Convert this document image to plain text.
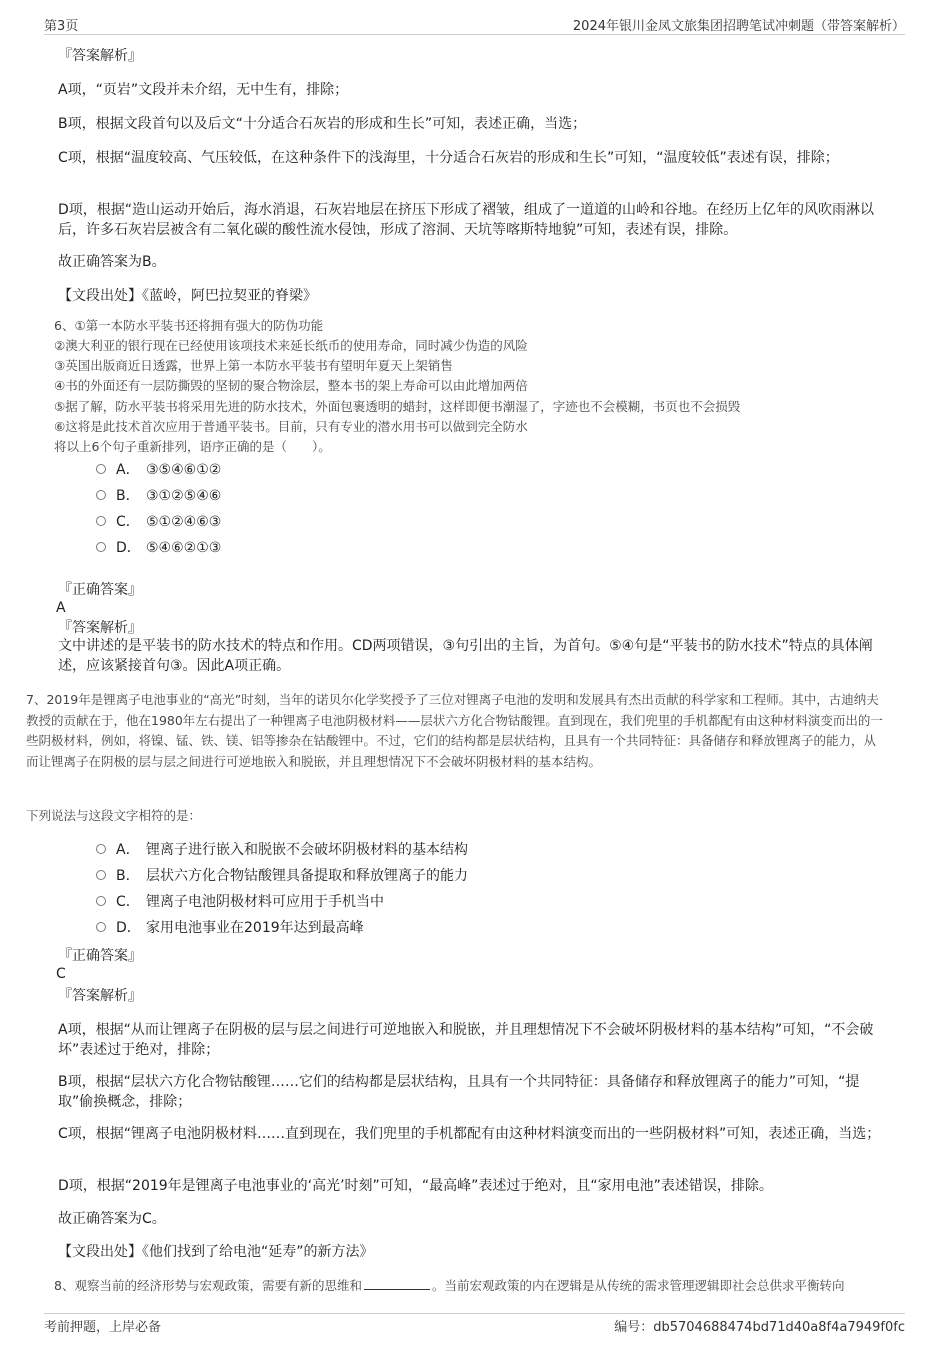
第3页	2024年银川金凤文旅集团招聘笔试冲刺题（带答案解析）
『答案解析』
A项，“页岩”文段并未介绍，无中生有，排除；
B项，根据文段首句以及后文“十分适合石灰岩的形成和生长”可知，表述正确，当选；
C项，根据“温度较高、气压较低，在这种条件下的浅海里，十分适合石灰岩的形成和生长”可知，“温度较低”表述有误，排除；
D项，根据“造山运动开始后，海水消退，石灰岩地层在挤压下形成了褶皱，组成了一道道的山岭和谷地。在经历上亿年的风吹雨淋以后，许多石灰岩层被含有二氧化碳的酸性流水侵蚀，形成了溶洞、天坑等喀斯特地貌”可知，表述有误，排除。
故正确答案为B。
【文段出处】《蓝岭，阿巴拉契亚的脊梁》
6、①第一本防水平装书还将拥有强大的防伪功能
②澳大利亚的银行现在已经使用该项技术来延长纸币的使用寿命，同时减少伪造的风险
③英国出版商近日透露，世界上第一本防水平装书有望明年夏天上架销售
④书的外面还有一层防撕毁的坚韧的聚合物涂层，整本书的架上寿命可以由此增加两倍
⑤据了解，防水平装书将采用先进的防水技术，外面包裹透明的蜡封，这样即便书潮湿了，字迹也不会模糊，书页也不会损毁
⑥这将是此技术首次应用于普通平装书。目前，只有专业的潜水用书可以做到完全防水
将以上6个句子重新排列，语序正确的是（　　）。
A． ③⑤④⑥①②
B． ③①②⑤④⑥
C． ⑤①②④⑥③
D． ⑤④⑥②①③
『正确答案』
A
『答案解析』
文中讲述的是平装书的防水技术的特点和作用。CD两项错误，③句引出的主旨，为首句。⑤④句是“平装书的防水技术”特点的具体阐述，应该紧接首句③。因此A项正确。
7、2019年是锂离子电池事业的“高光”时刻，当年的诺贝尔化学奖授予了三位对锂离子电池的发明和发展具有杰出贡献的科学家和工程师。其中，古迪纳夫教授的贡献在于，他在1980年左右提出了一种锂离子电池阴极材料——层状六方化合物钴酸锂。直到现在，我们兜里的手机都配有由这种材料演变而出的一些阴极材料，例如，将镍、锰、铁、镁、铝等掺杂在钴酸锂中。不过，它们的结构都是层状结构，且具有一个共同特征：具备储存和释放锂离子的能力，从而让锂离子在阴极的层与层之间进行可逆地嵌入和脱嵌，并且理想情况下不会破坏阴极材料的基本结构。
下列说法与这段文字相符的是：
A． 锂离子进行嵌入和脱嵌不会破坏阴极材料的基本结构
B． 层状六方化合物钴酸锂具备提取和释放锂离子的能力
C． 锂离子电池阴极材料可应用于手机当中
D． 家用电池事业在2019年达到最高峰
『正确答案』
C
『答案解析』
A项，根据“从而让锂离子在阴极的层与层之间进行可逆地嵌入和脱嵌，并且理想情况下不会破坏阴极材料的基本结构”可知，“不会破坏”表述过于绝对，排除；
B项，根据“层状六方化合物钴酸锂……它们的结构都是层状结构，且具有一个共同特征：具备储存和释放锂离子的能力”可知，“提取”偷换概念，排除；
C项，根据“锂离子电池阴极材料……直到现在，我们兜里的手机都配有由这种材料演变而出的一些阴极材料”可知，表述正确，当选；
D项，根据“2019年是锂离子电池事业的‘高光’时刻”可知，“最高峰”表述过于绝对，且“家用电池”表述错误，排除。
故正确答案为C。
【文段出处】《他们找到了给电池“延寿”的新方法》
8、观察当前的经济形势与宏观政策，需要有新的思维和	。当前宏观政策的内在逻辑是从传统的需求管理逻辑即社会总供求平衡转向
考前押题，上岸必备	编号：db5704688474bd71d40a8f4a7949f0fc
